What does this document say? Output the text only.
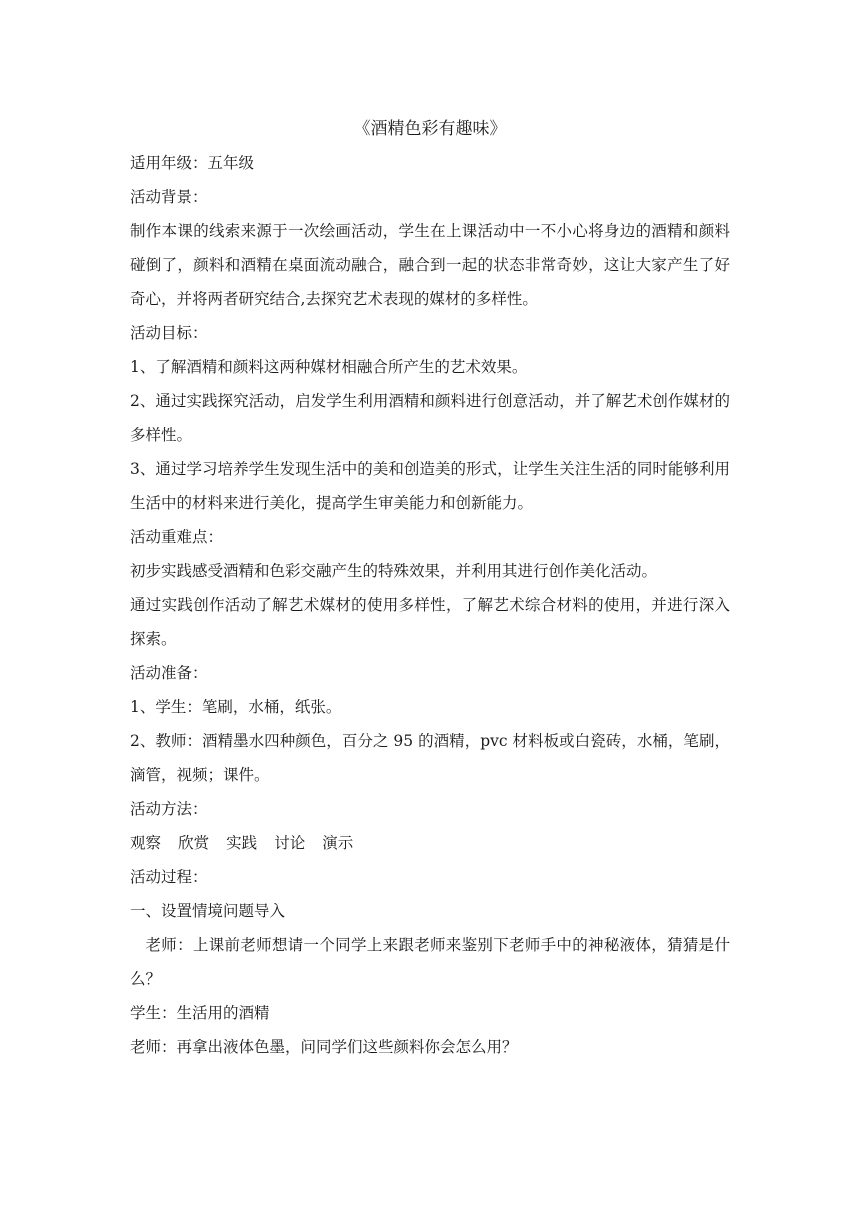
《酒精色彩有趣味》

适用年级：五年级

活动背景：

制作本课的线索来源于一次绘画活动，学生在上课活动中一不小心将身边的酒精和颜料碰倒了，颜料和酒精在桌面流动融合，融合到一起的状态非常奇妙，这让大家产生了好奇心，并将两者研究结合,去探究艺术表现的媒材的多样性。

活动目标：

1、了解酒精和颜料这两种媒材相融合所产生的艺术效果。

2、通过实践探究活动，启发学生利用酒精和颜料进行创意活动，并了解艺术创作媒材的多样性。

3、通过学习培养学生发现生活中的美和创造美的形式，让学生关注生活的同时能够利用生活中的材料来进行美化，提高学生审美能力和创新能力。

活动重难点：

初步实践感受酒精和色彩交融产生的特殊效果，并利用其进行创作美化活动。

通过实践创作活动了解艺术媒材的使用多样性，了解艺术综合材料的使用，并进行深入探索。

活动准备：

1、学生：笔刷，水桶，纸张。

2、教师：酒精墨水四种颜色，百分之 95 的酒精，pvc 材料板或白瓷砖，水桶，笔刷，滴管，视频；课件。

活动方法：

观察 欣赏 实践 讨论 演示

活动过程：

一、设置情境问题导入

老师：上课前老师想请一个同学上来跟老师来鉴别下老师手中的神秘液体，猜猜是什么？

学生：生活用的酒精

老师：再拿出液体色墨，问同学们这些颜料你会怎么用？
